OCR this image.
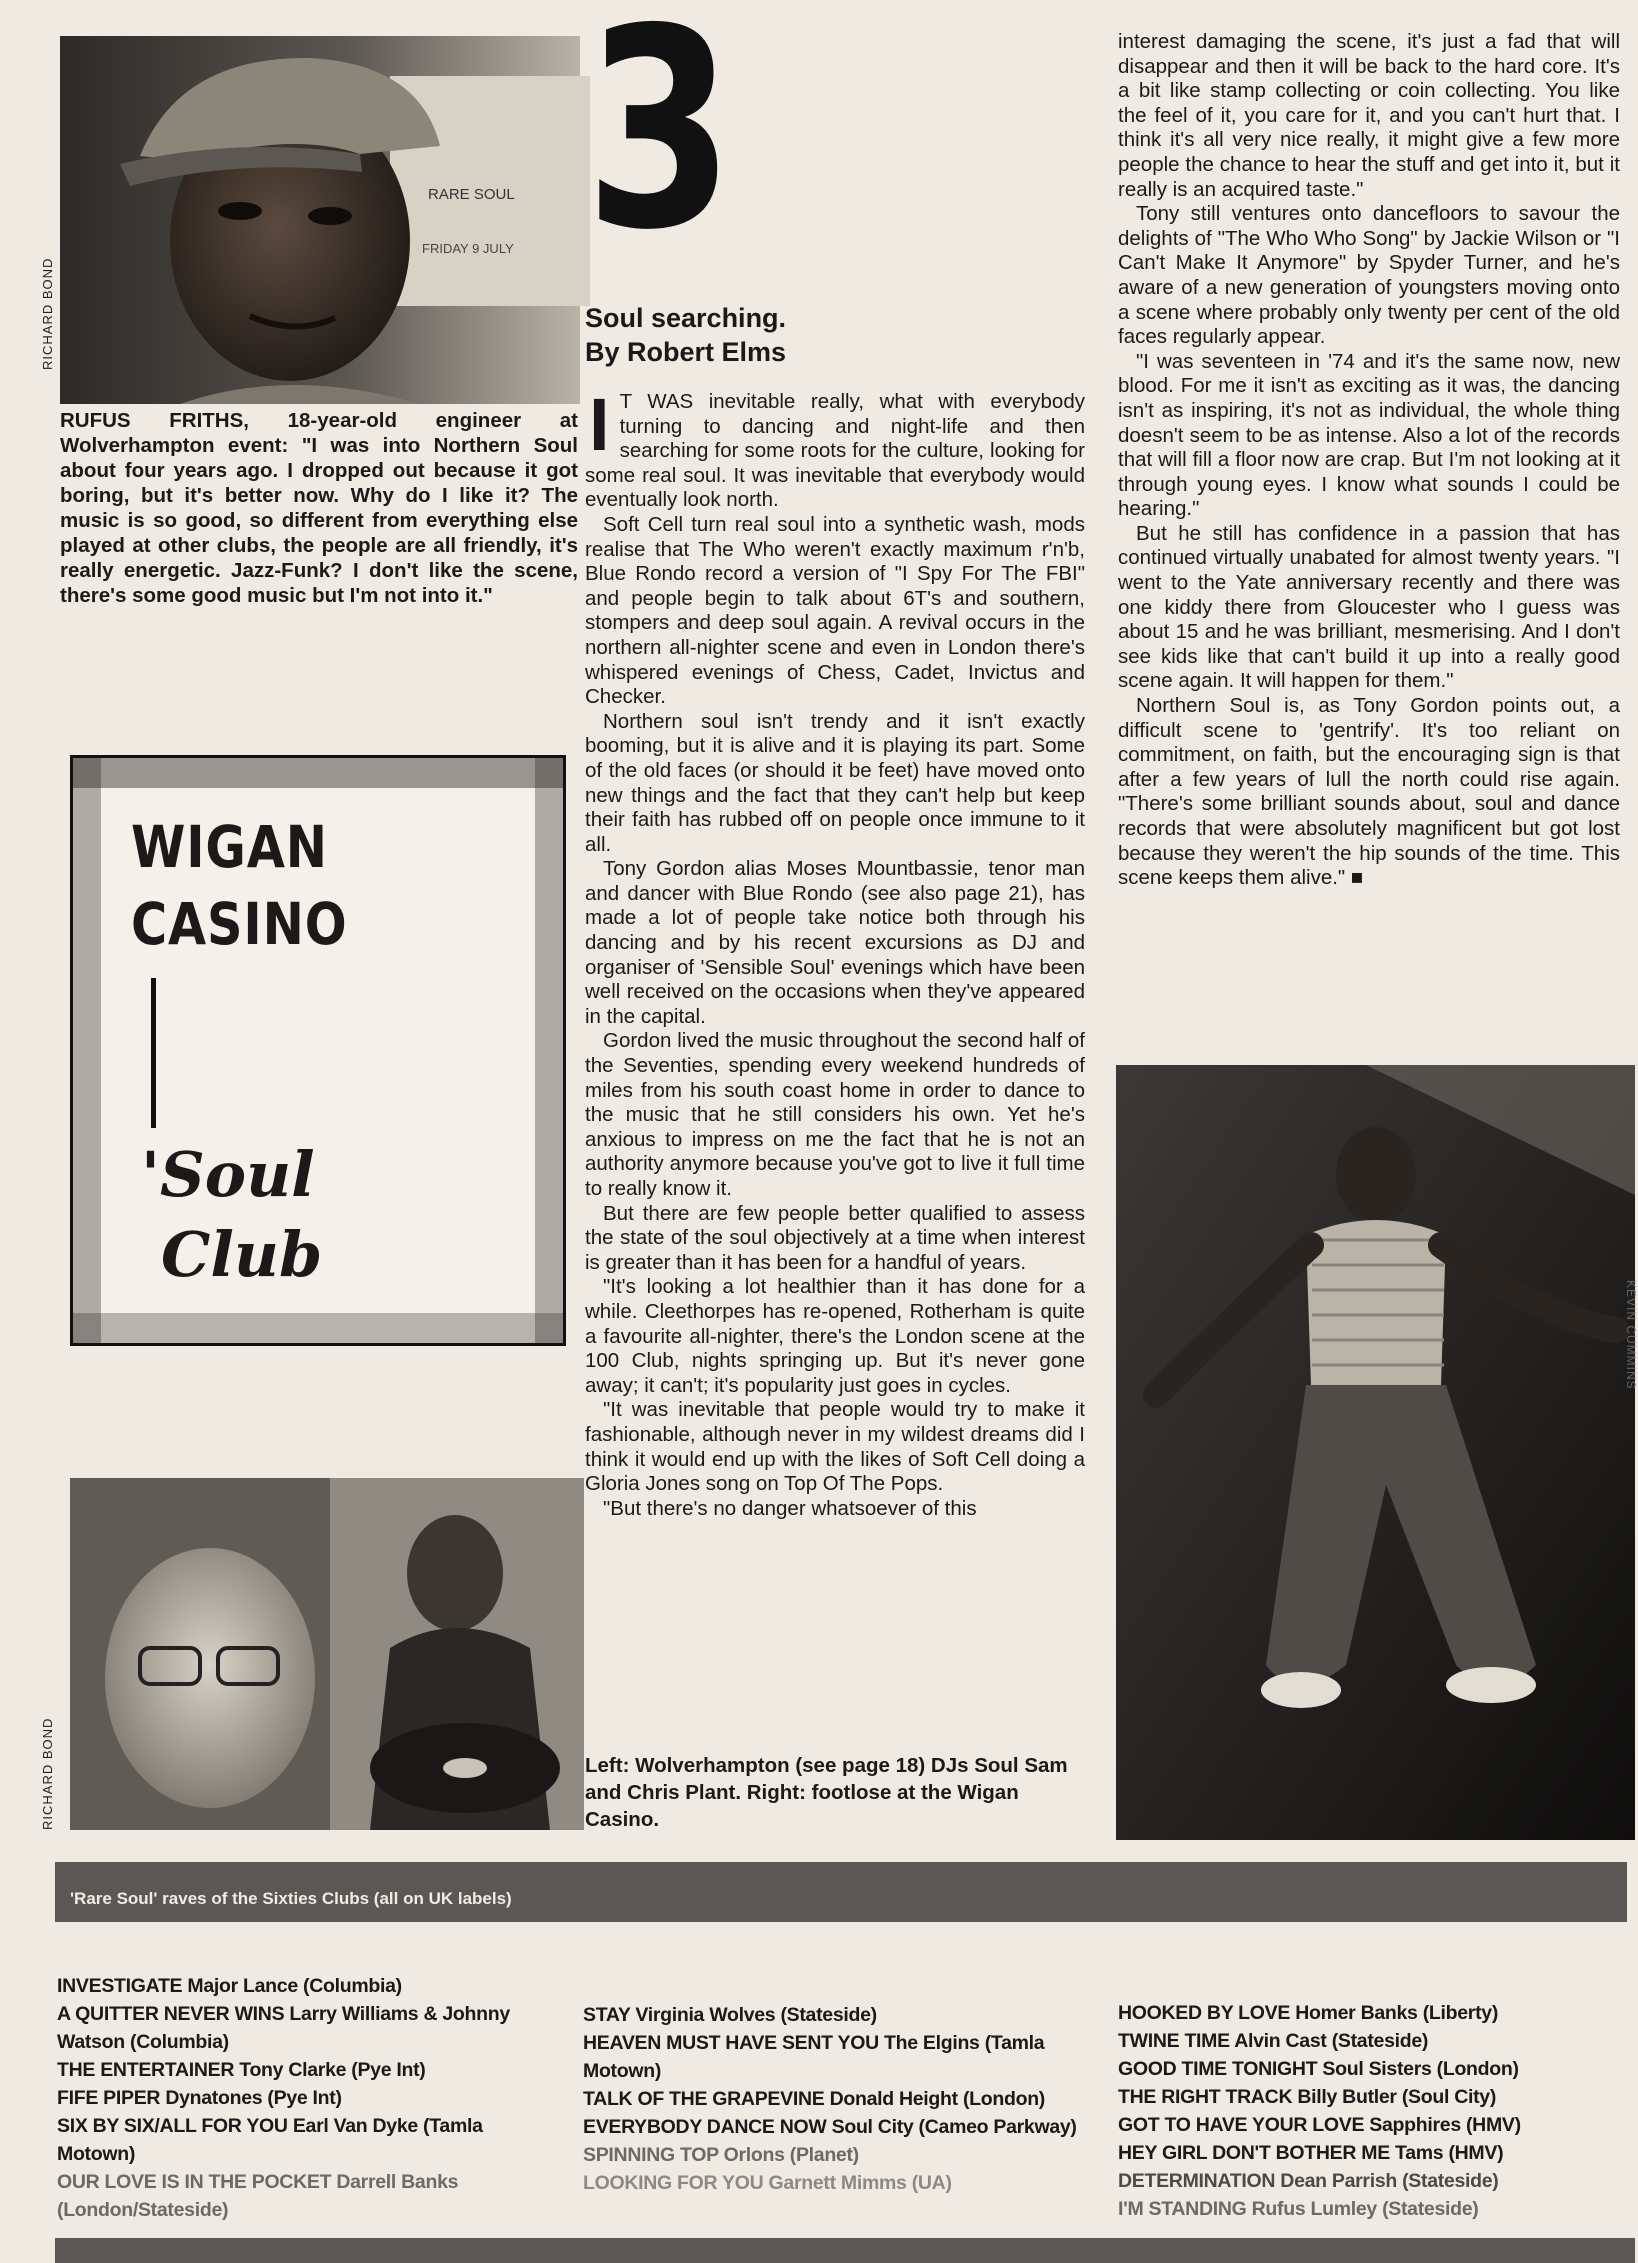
RICHARD BOND
RARE SOUL
FRIDAY 9 JULY
RUFUS FRITHS, 18-year-old engineer at Wolverhampton event: "I was into Northern Soul about four years ago. I dropped out because it got boring, but it's better now. Why do I like it? The music is so good, so different from everything else played at other clubs, the people are all friendly, it's really energetic. Jazz-Funk? I don't like the scene, there's some good music but I'm not into it."
WIGAN
CASINO
'Soul
Club
RICHARD BOND
3
Soul searching.
By Robert Elms
I T WAS inevitable really, what with everybody turning to dancing and night-life and then searching for some roots for the culture, looking for some real soul. It was inevitable that everybody would eventually look north.

Soft Cell turn real soul into a synthetic wash, mods realise that The Who weren't exactly maximum r'n'b, Blue Rondo record a version of "I Spy For The FBI" and people begin to talk about 6T's and southern, stompers and deep soul again. A revival occurs in the northern all-nighter scene and even in London there's whispered evenings of Chess, Cadet, Invictus and Checker.

Northern soul isn't trendy and it isn't exactly booming, but it is alive and it is playing its part. Some of the old faces (or should it be feet) have moved onto new things and the fact that they can't help but keep their faith has rubbed off on people once immune to it all.

Tony Gordon alias Moses Mountbassie, tenor man and dancer with Blue Rondo (see also page 21), has made a lot of people take notice both through his dancing and by his recent excursions as DJ and organiser of 'Sensible Soul' evenings which have been well received on the occasions when they've appeared in the capital.

Gordon lived the music throughout the second half of the Seventies, spending every weekend hundreds of miles from his south coast home in order to dance to the music that he still considers his own. Yet he's anxious to impress on me the fact that he is not an authority anymore because you've got to live it full time to really know it.

But there are few people better qualified to assess the state of the soul objectively at a time when interest is greater than it has been for a handful of years.

"It's looking a lot healthier than it has done for a while. Cleethorpes has re-opened, Rotherham is quite a favourite all-nighter, there's the London scene at the 100 Club, nights springing up. But it's never gone away; it can't; it's popularity just goes in cycles.

"It was inevitable that people would try to make it fashionable, although never in my wildest dreams did I think it would end up with the likes of Soft Cell doing a Gloria Jones song on Top Of The Pops.

"But there's no danger whatsoever of this

Left: Wolverhampton (see page 18) DJs Soul Sam and Chris Plant. Right: footlose at the Wigan Casino.

interest damaging the scene, it's just a fad that will disappear and then it will be back to the hard core. It's a bit like stamp collecting or coin collecting. You like the feel of it, you care for it, and you can't hurt that. I think it's all very nice really, it might give a few more people the chance to hear the stuff and get into it, but it really is an acquired taste."

Tony still ventures onto dancefloors to savour the delights of "The Who Who Song" by Jackie Wilson or "I Can't Make It Anymore" by Spyder Turner, and he's aware of a new generation of youngsters moving onto a scene where probably only twenty per cent of the old faces regularly appear.

"I was seventeen in '74 and it's the same now, new blood. For me it isn't as exciting as it was, the dancing isn't as inspiring, it's not as individual, the whole thing doesn't seem to be as intense. Also a lot of the records that will fill a floor now are crap. But I'm not looking at it through young eyes. I know what sounds I could be hearing."

But he still has confidence in a passion that has continued virtually unabated for almost twenty years. "I went to the Yate anniversary recently and there was one kiddy there from Gloucester who I guess was about 15 and he was brilliant, mesmerising. And I don't see kids like that can't build it up into a really good scene again. It will happen for them."

Northern Soul is, as Tony Gordon points out, a difficult scene to 'gentrify'. It's too reliant on commitment, on faith, but the encouraging sign is that after a few years of lull the north could rise again. "There's some brilliant sounds about, soul and dance records that were absolutely magnificent but got lost because they weren't the hip sounds of the time. This scene keeps them alive." ■

KEVIN CUMMINS
'Rare Soul' raves of the Sixties Clubs (all on UK labels)
INVESTIGATE Major Lance (Columbia)
A QUITTER NEVER WINS Larry Williams & Johnny Watson (Columbia)
THE ENTERTAINER Tony Clarke (Pye Int)
FIFE PIPER Dynatones (Pye Int)
SIX BY SIX/ALL FOR YOU Earl Van Dyke (Tamla Motown)
OUR LOVE IS IN THE POCKET Darrell Banks (London/Stateside)
STAY Virginia Wolves (Stateside)
HEAVEN MUST HAVE SENT YOU The Elgins (Tamla Motown)
TALK OF THE GRAPEVINE Donald Height (London)
EVERYBODY DANCE NOW Soul City (Cameo Parkway)
SPINNING TOP Orlons (Planet)
LOOKING FOR YOU Garnett Mimms (UA)
HOOKED BY LOVE Homer Banks (Liberty)
TWINE TIME Alvin Cast (Stateside)
GOOD TIME TONIGHT Soul Sisters (London)
THE RIGHT TRACK Billy Butler (Soul City)
GOT TO HAVE YOUR LOVE Sapphires (HMV)
HEY GIRL DON'T BOTHER ME Tams (HMV)
DETERMINATION Dean Parrish (Stateside)
I'M STANDING Rufus Lumley (Stateside)
